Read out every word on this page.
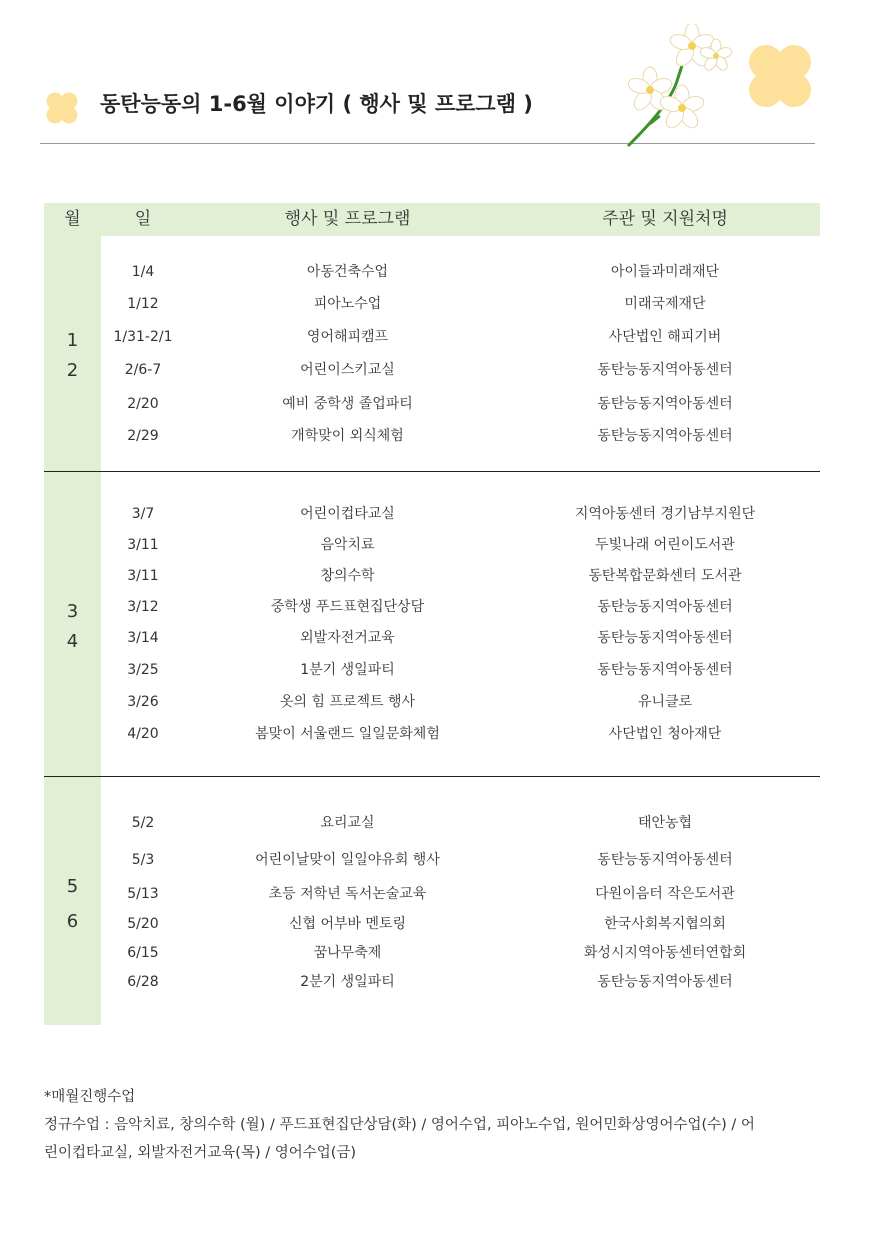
동탄능동의 1-6월 이야기 ( 행사 및 프로그램 )
월	일	행사 및 프로그램	주관 및 지원처명
1
2
1/4	아동건축수업	아이들과미래재단
1/12	피아노수업	미래국제재단
1/31-2/1	영어해피캠프	사단법인 해피기버
2/6-7	어린이스키교실	동탄능동지역아동센터
2/20	예비 중학생 졸업파티	동탄능동지역아동센터
2/29	개학맞이 외식체험	동탄능동지역아동센터
3
4
3/7	어린이컵타교실	지역아동센터 경기남부지원단
3/11	음악치료	두빛나래 어린이도서관
3/11	창의수학	동탄복합문화센터 도서관
3/12	중학생 푸드표현집단상담	동탄능동지역아동센터
3/14	외발자전거교육	동탄능동지역아동센터
3/25	1분기 생일파티	동탄능동지역아동센터
3/26	옷의 힘 프로젝트 행사	유니클로
4/20	봄맞이 서울랜드 일일문화체험	사단법인 청아재단
5
6
5/2	요리교실	태안농협
5/3	어린이날맞이 일일야유회 행사	동탄능동지역아동센터
5/13	초등 저학년 독서논술교육	다원이음터 작은도서관
5/20	신협 어부바 멘토링	한국사회복지협의회
6/15	꿈나무축제	화성시지역아동센터연합회
6/28	2분기 생일파티	동탄능동지역아동센터
*매월진행수업
정규수업 : 음악치료, 창의수학 (월) / 푸드표현집단상담(화) / 영어수업, 피아노수업, 원어민화상영어수업(수) / 어
린이컵타교실, 외발자전거교육(목) / 영어수업(금)
